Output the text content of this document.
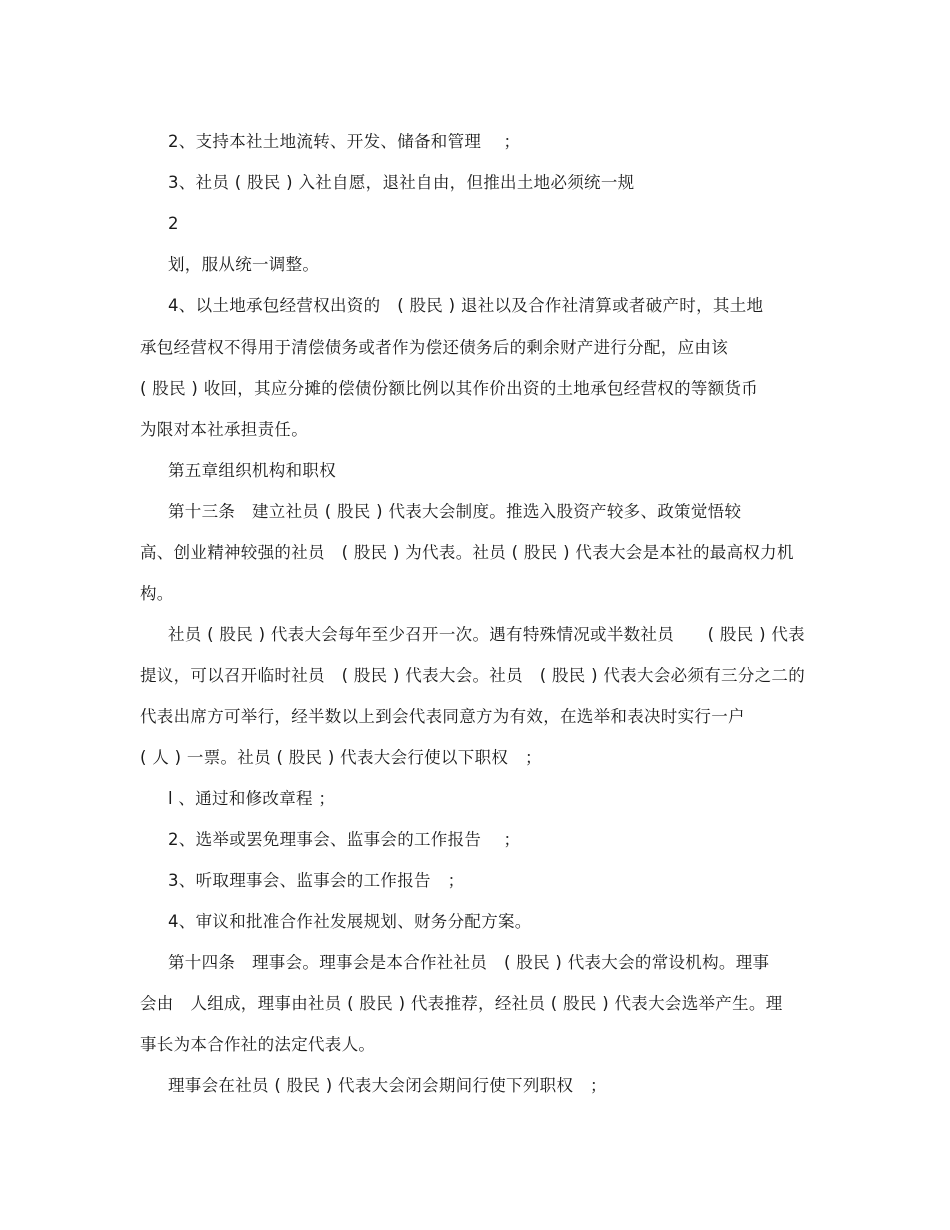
2、支持本社土地流转、开发、储备和管理　 ；
3、社员 ( 股民 ) 入社自愿，退社自由，但推出土地必须统一规
2
划，服从统一调整。
4、以土地承包经营权出资的　( 股民 ) 退社以及合作社清算或者破产时，其土地
承包经营权不得用于清偿债务或者作为偿还债务后的剩余财产进行分配，应由该
( 股民 ) 收回，其应分摊的偿债份额比例以其作价出资的土地承包经营权的等额货币
为限对本社承担责任。
第五章组织机构和职权
第十三条　建立社员 ( 股民 ) 代表大会制度。推选入股资产较多、政策觉悟较
高、创业精神较强的社员　( 股民 ) 为代表。社员 ( 股民 ) 代表大会是本社的最高权力机
构。
社员 ( 股民 ) 代表大会每年至少召开一次。遇有特殊情况或半数社员　　( 股民 ) 代表
提议，可以召开临时社员　( 股民 ) 代表大会。社员　( 股民 ) 代表大会必须有三分之二的
代表出席方可举行，经半数以上到会代表同意方为有效，在选举和表决时实行一户
( 人 ) 一票。社员 ( 股民 ) 代表大会行使以下职权　；
l 、通过和修改章程 ；
2、选举或罢免理事会、监事会的工作报告　 ；
3、听取理事会、监事会的工作报告　；
4、审议和批准合作社发展规划、财务分配方案。
第十四条　理事会。理事会是本合作社社员　( 股民 ) 代表大会的常设机构。理事
会由　人组成，理事由社员 ( 股民 ) 代表推荐，经社员 ( 股民 ) 代表大会选举产生。理
事长为本合作社的法定代表人。
理事会在社员 ( 股民 ) 代表大会闭会期间行使下列职权　；
